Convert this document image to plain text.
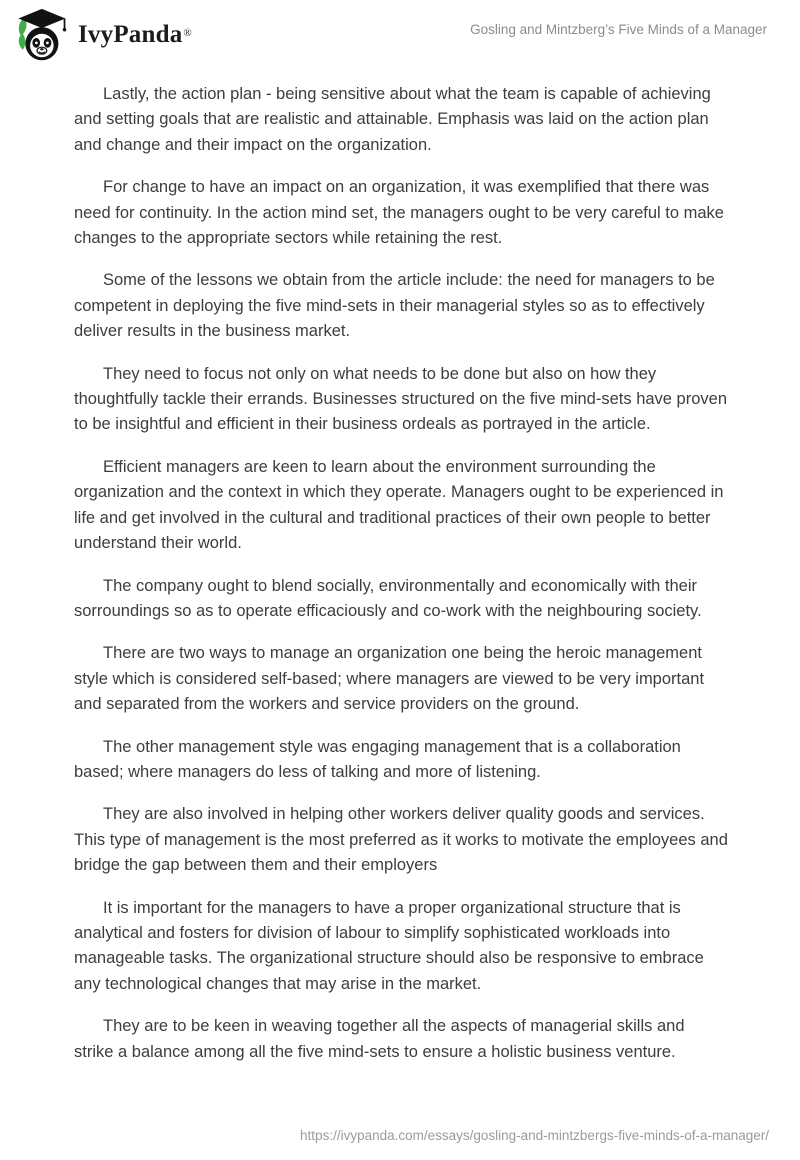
IvyPanda®	Gosling and Mintzberg’s Five Minds of a Manager

Lastly, the action plan - being sensitive about what the team is capable of achieving and setting goals that are realistic and attainable. Emphasis was laid on the action plan and change and their impact on the organization.

For change to have an impact on an organization, it was exemplified that there was need for continuity. In the action mind set, the managers ought to be very careful to make changes to the appropriate sectors while retaining the rest.

Some of the lessons we obtain from the article include: the need for managers to be competent in deploying the five mind-sets in their managerial styles so as to effectively deliver results in the business market.

They need to focus not only on what needs to be done but also on how they thoughtfully tackle their errands. Businesses structured on the five mind-sets have proven to be insightful and efficient in their business ordeals as portrayed in the article.

Efficient managers are keen to learn about the environment surrounding the organization and the context in which they operate. Managers ought to be experienced in life and get involved in the cultural and traditional practices of their own people to better understand their world.

The company ought to blend socially, environmentally and economically with their sorroundings so as to operate efficaciously and co-work with the neighbouring society.

There are two ways to manage an organization one being the heroic management style which is considered self-based; where managers are viewed to be very important and separated from the workers and service providers on the ground.

The other management style was engaging management that is a collaboration based; where managers do less of talking and more of listening.

They are also involved in helping other workers deliver quality goods and services. This type of management is the most preferred as it works to motivate the employees and bridge the gap between them and their employers

It is important for the managers to have a proper organizational structure that is analytical and fosters for division of labour to simplify sophisticated workloads into manageable tasks. The organizational structure should also be responsive to embrace any technological changes that may arise in the market.

They are to be keen in weaving together all the aspects of managerial skills and strike a balance among all the five mind-sets to ensure a holistic business venture.

https://ivypanda.com/essays/gosling-and-mintzbergs-five-minds-of-a-manager/
